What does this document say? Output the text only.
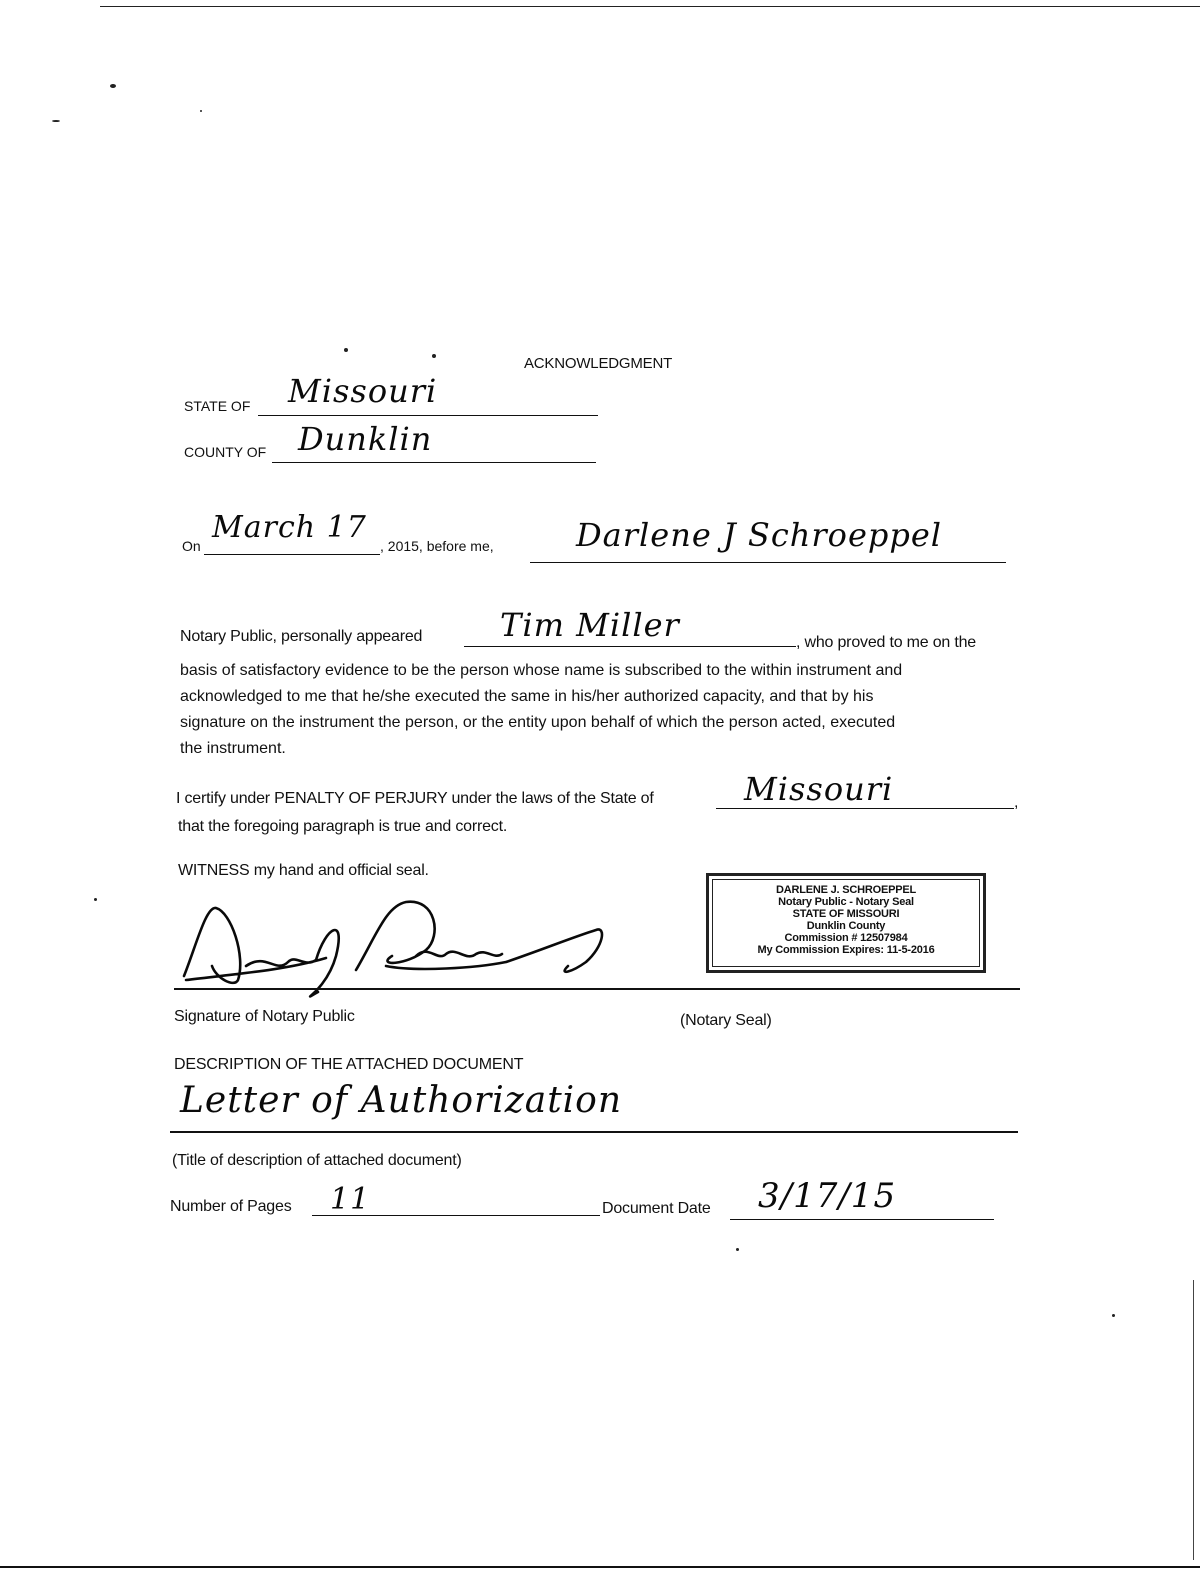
ACKNOWLEDGMENT
STATE OF Missouri
COUNTY OF Dunklin
On
March 17
, 2015, before me,	Darlene J Schroeppel
Notary Public, personally appeared Tim Miller	, who proved to me on the
basis of satisfactory evidence to be the person whose name is subscribed to the within instrument and
acknowledged to me that he/she executed the same in his/her authorized capacity, and that by his
signature on the instrument the person, or the entity upon behalf of which the person acted, executed
the instrument.
I certify under PENALTY OF PERJURY under the laws of the State of	Missouri	,
that the foregoing paragraph is true and correct.
WITNESS my hand and official seal.
DARLENE J. SCHROEPPEL
Notary Public - Notary Seal
STATE OF MISSOURI
Dunklin County
Commission # 12507984
My Commission Expires: 11-5-2016
Signature of Notary Public	(Notary Seal)
DESCRIPTION OF THE ATTACHED DOCUMENT
Letter of Authorization
(Title of description of attached document)
Number of Pages 11	Document Date 3/17/15
